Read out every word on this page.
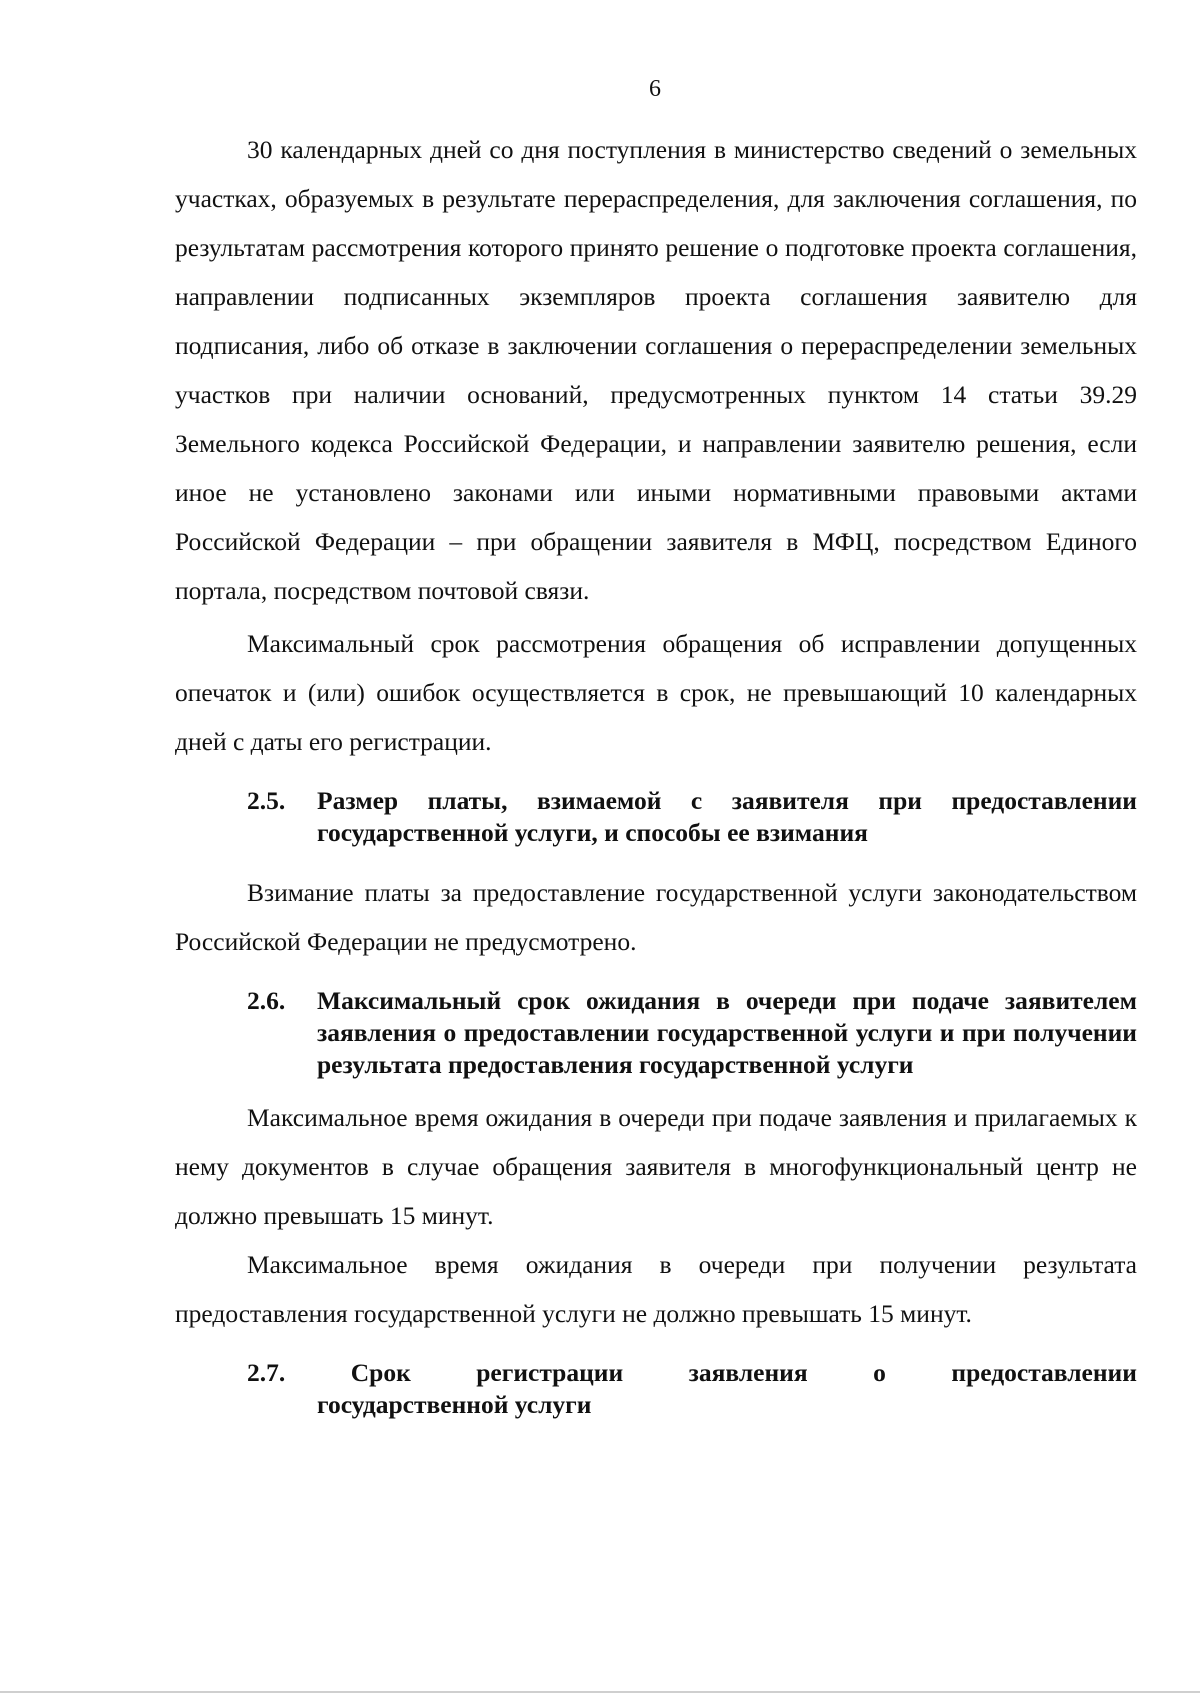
6

30 календарных дней со дня поступления в министерство сведений о земельных участках, образуемых в результате перераспределения, для заключения соглашения, по результатам рассмотрения которого принято решение о подготовке проекта соглашения, направлении подписанных экземпляров проекта соглашения заявителю для подписания, либо об отказе в заключении соглашения о перераспределении земельных участков при наличии оснований, предусмотренных пунктом 14 статьи 39.29 Земельного кодекса Российской Федерации, и направлении заявителю решения, если иное не установлено законами или иными нормативными правовыми актами Российской Федерации – при обращении заявителя в МФЦ, посредством Единого портала, посредством почтовой связи.

Максимальный срок рассмотрения обращения об исправлении допущенных опечаток и (или) ошибок осуществляется в срок, не превышающий 10 календарных дней с даты его регистрации.

2.5.	Размер платы, взимаемой с заявителя при предоставлении государственной услуги, и способы ее взимания

Взимание платы за предоставление государственной услуги законодательством Российской Федерации не предусмотрено.

2.6.	Максимальный срок ожидания в очереди при подаче заявителем заявления о предоставлении государственной услуги и при получении результата предоставления государственной услуги

Максимальное время ожидания в очереди при подаче заявления и прилагаемых к нему документов в случае обращения заявителя в многофункциональный центр не должно превышать 15 минут.

Максимальное время ожидания в очереди при получении результата предоставления государственной услуги не должно превышать 15 минут.

2.7.	Срок	регистрации	заявления	о	предоставлении
государственной услуги
